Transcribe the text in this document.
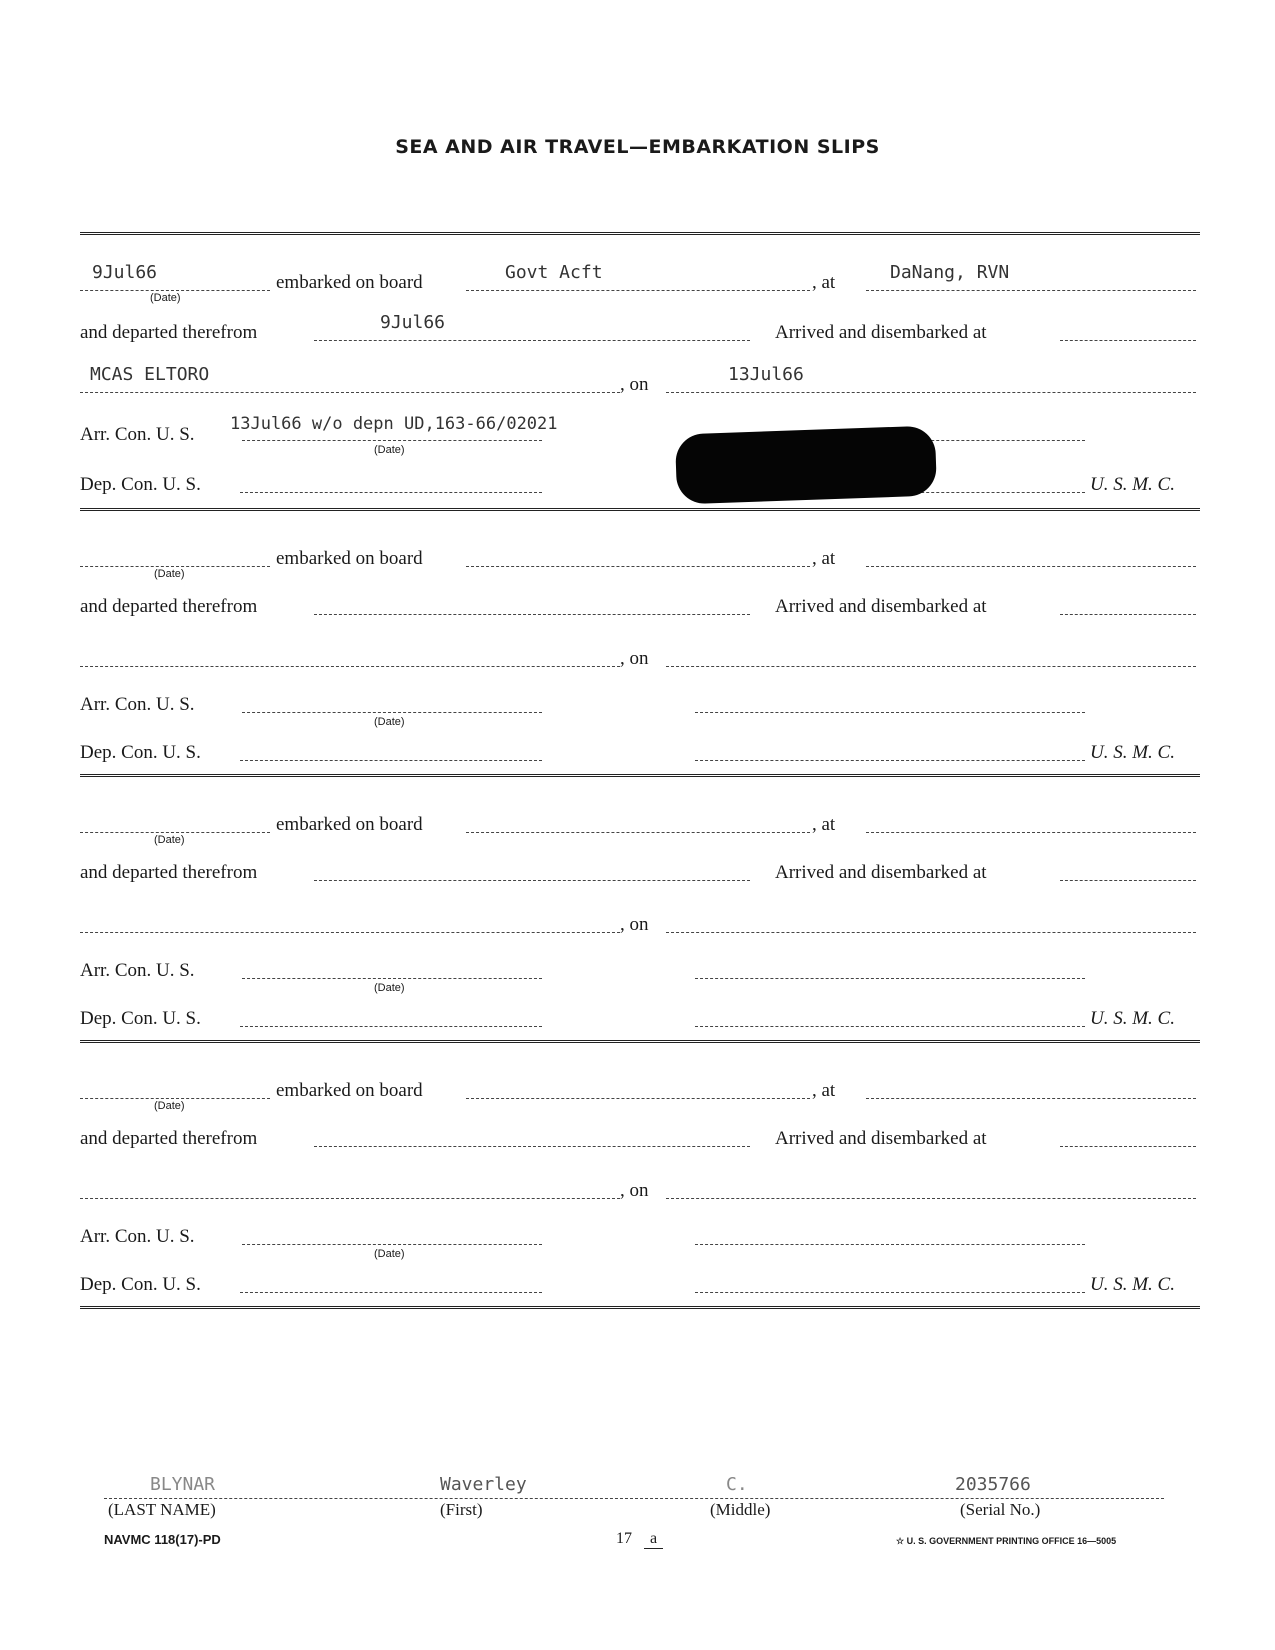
SEA AND AIR TRAVEL—EMBARKATION SLIPS
9Jul66
(Date)
embarked on board	Govt Acft	, at	DaNang, RVN
and departed therefrom	9Jul66	Arrived and disembarked at
MCAS ELTORO	, on	13Jul66
Arr. Con. U. S. 13Jul66 w/o depn UD,163-66/02021
(Date)
Dep. Con. U. S.	U. S. M. C.
(Date)
embarked on board	, at
and departed therefrom	Arrived and disembarked at
, on
Arr. Con. U. S.
(Date)
Dep. Con. U. S.	U. S. M. C.
(Date)
embarked on board	, at
and departed therefrom	Arrived and disembarked at
, on
Arr. Con. U. S.
(Date)
Dep. Con. U. S.	U. S. M. C.
(Date)
embarked on board	, at
and departed therefrom	Arrived and disembarked at
, on
Arr. Con. U. S.
(Date)
Dep. Con. U. S.	U. S. M. C.
BLYNAR	Waverley	C.	2035766
(LAST NAME)	(First)	(Middle)	(Serial No.)
NAVMC 118(17)-PD	17 a	☆ U. S. GOVERNMENT PRINTING OFFICE 16—5005
